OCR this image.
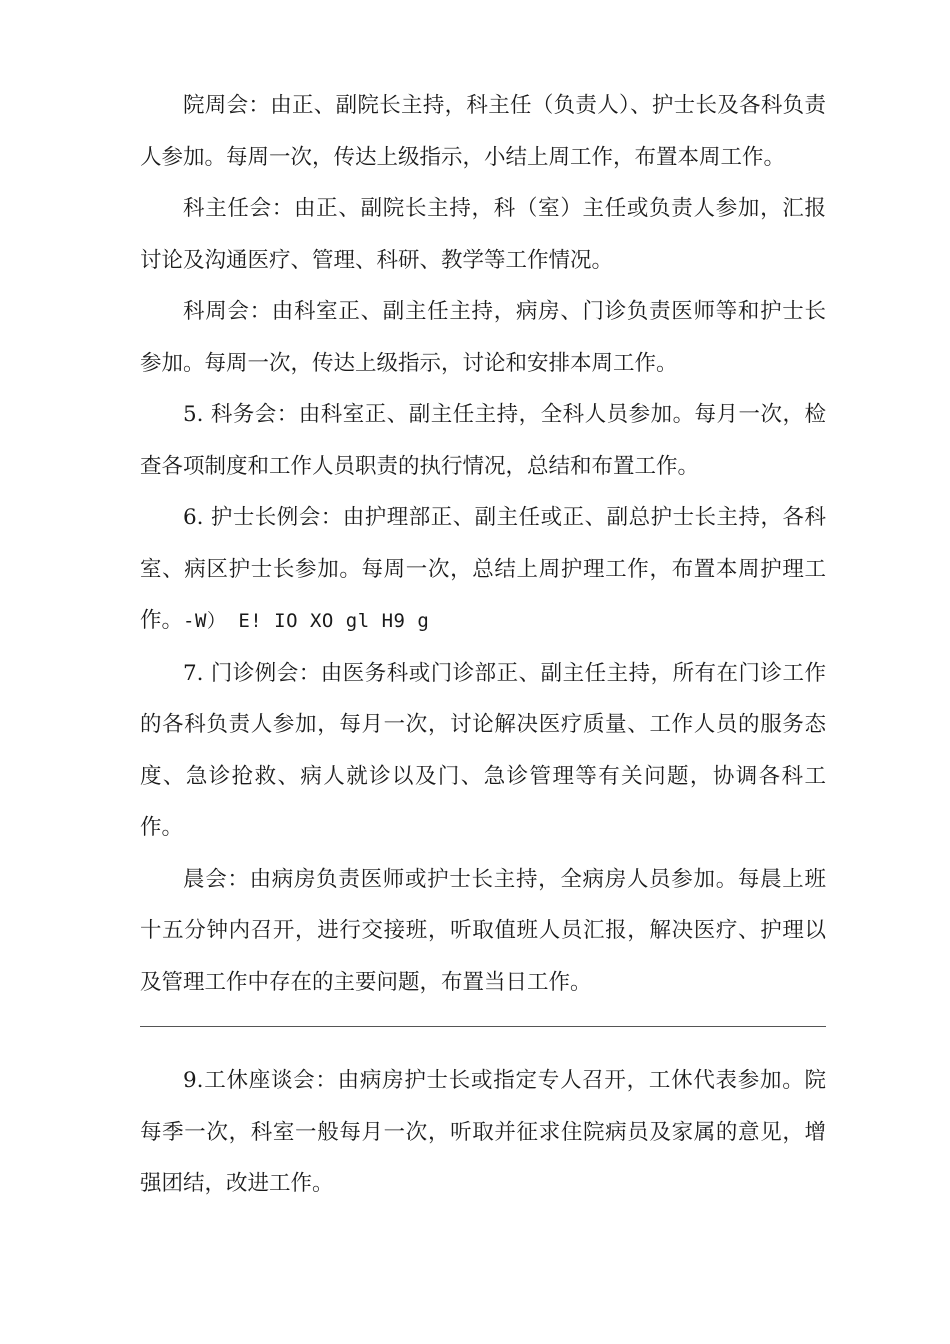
院周会：由正、副院长主持，科主任（负责人）、护士长及各科负责人参加。每周一次，传达上级指示，小结上周工作，布置本周工作。

科主任会：由正、副院长主持，科（室）主任或负责人参加，汇报讨论及沟通医疗、管理、科研、教学等工作情况。

科周会：由科室正、副主任主持，病房、门诊负责医师等和护士长参加。每周一次，传达上级指示，讨论和安排本周工作。

5. 科务会：由科室正、副主任主持，全科人员参加。每月一次，检查各项制度和工作人员职责的执行情况，总结和布置工作。

6. 护士长例会：由护理部正、副主任或正、副总护士长主持，各科室、病区护士长参加。每周一次，总结上周护理工作，布置本周护理工作。-W） E! IO XO gl H9 g

7. 门诊例会：由医务科或门诊部正、副主任主持，所有在门诊工作的各科负责人参加，每月一次，讨论解决医疗质量、工作人员的服务态度、急诊抢救、病人就诊以及门、急诊管理等有关问题，协调各科工作。

晨会：由病房负责医师或护士长主持，全病房人员参加。每晨上班十五分钟内召开，进行交接班，听取值班人员汇报，解决医疗、护理以及管理工作中存在的主要问题，布置当日工作。

9.工休座谈会：由病房护士长或指定专人召开，工休代表参加。院每季一次，科室一般每月一次，听取并征求住院病员及家属的意见，增强团结，改进工作。
